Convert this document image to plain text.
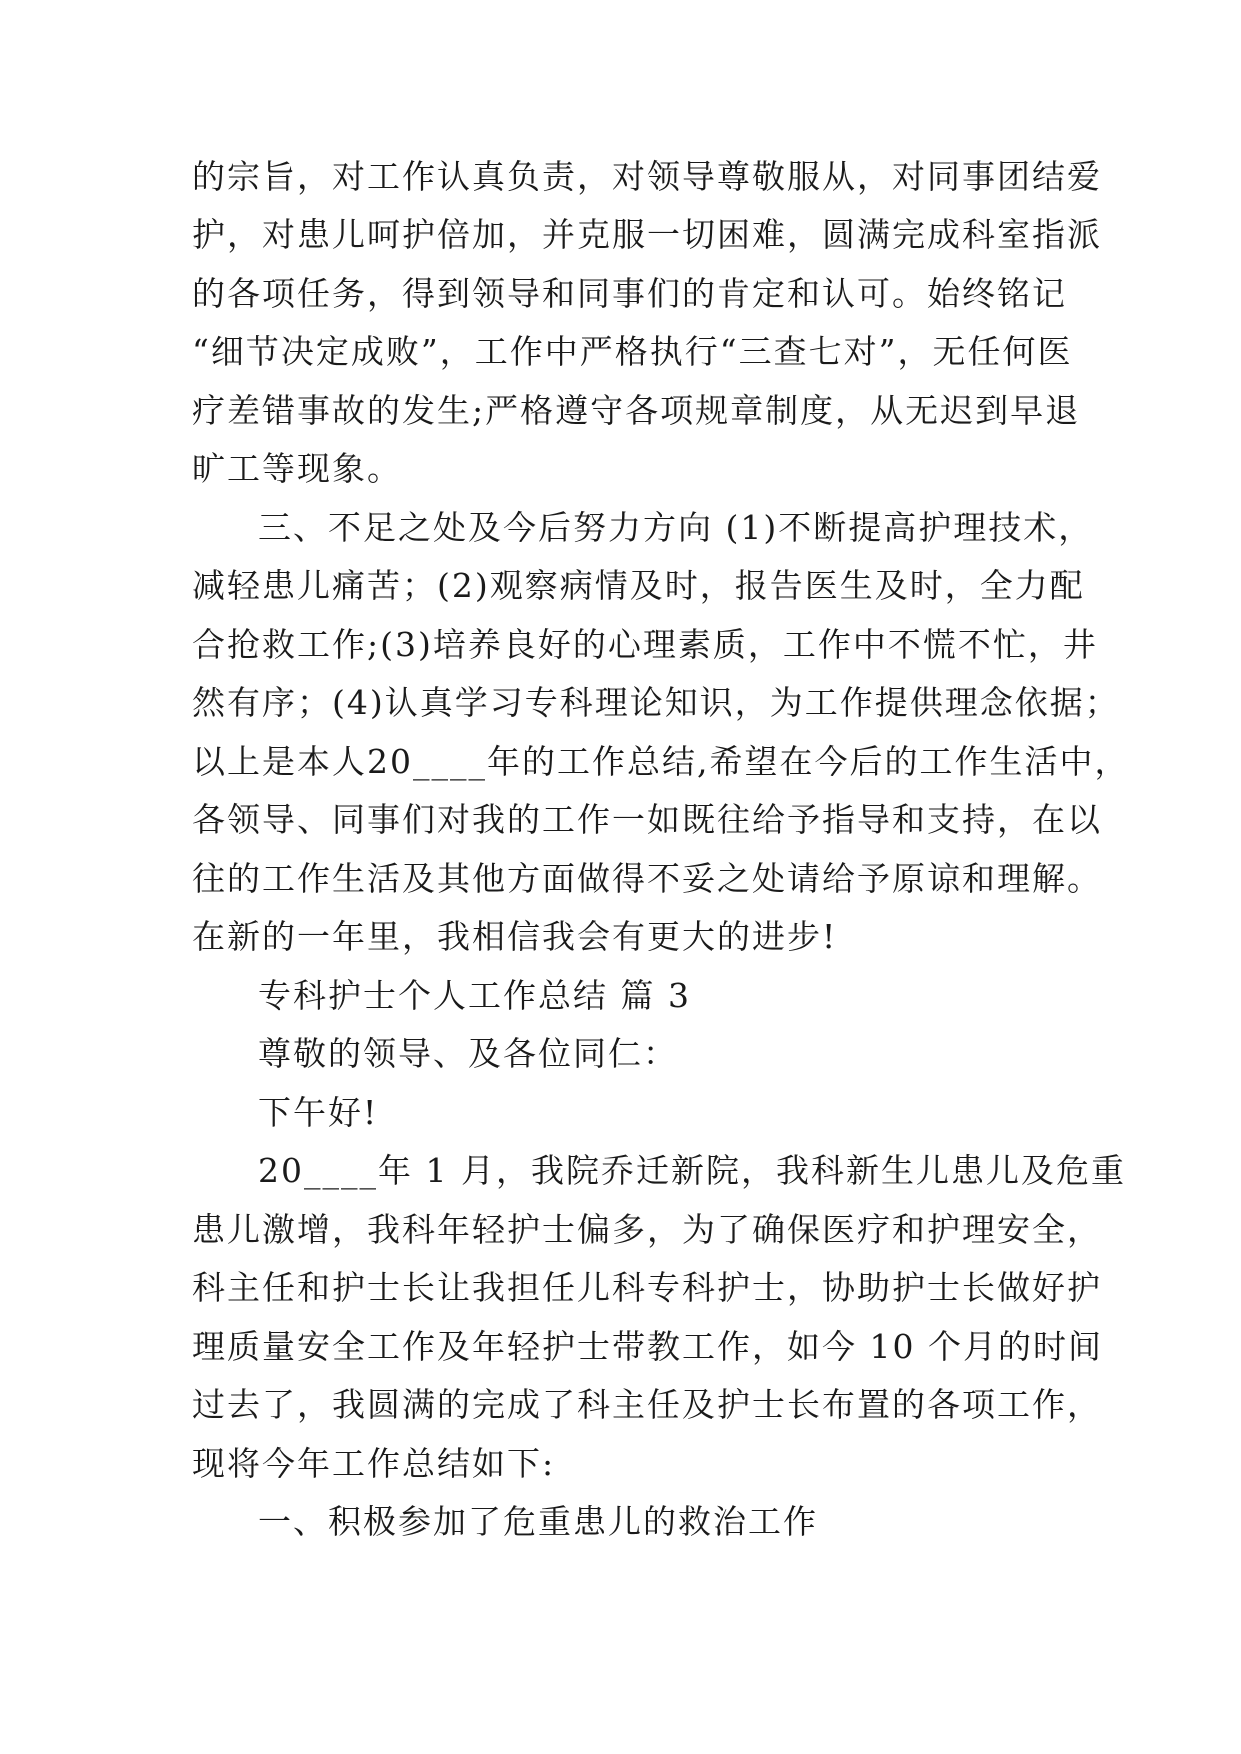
的宗旨，对工作认真负责，对领导尊敬服从，对同事团结爱
护，对患儿呵护倍加，并克服一切困难，圆满完成科室指派
的各项任务，得到领导和同事们的肯定和认可。始终铭记
“细节决定成败”，工作中严格执行“三查七对”，无任何医
疗差错事故的发生;严格遵守各项规章制度，从无迟到早退
旷工等现象。
三、不足之处及今后努力方向 (1)不断提高护理技术，
减轻患儿痛苦；(2)观察病情及时，报告医生及时，全力配
合抢救工作;(3)培养良好的心理素质，工作中不慌不忙，井
然有序；(4)认真学习专科理论知识，为工作提供理念依据；
以上是本人20____年的工作总结,希望在今后的工作生活中，
各领导、同事们对我的工作一如既往给予指导和支持，在以
往的工作生活及其他方面做得不妥之处请给予原谅和理解。
在新的一年里，我相信我会有更大的进步!
专科护士个人工作总结 篇 3
尊敬的领导、及各位同仁：
下午好!
20____年 1 月，我院乔迁新院，我科新生儿患儿及危重
患儿激增，我科年轻护士偏多，为了确保医疗和护理安全，
科主任和护士长让我担任儿科专科护士，协助护士长做好护
理质量安全工作及年轻护士带教工作，如今 10 个月的时间
过去了，我圆满的完成了科主任及护士长布置的各项工作，
现将今年工作总结如下:
一、积极参加了危重患儿的救治工作
